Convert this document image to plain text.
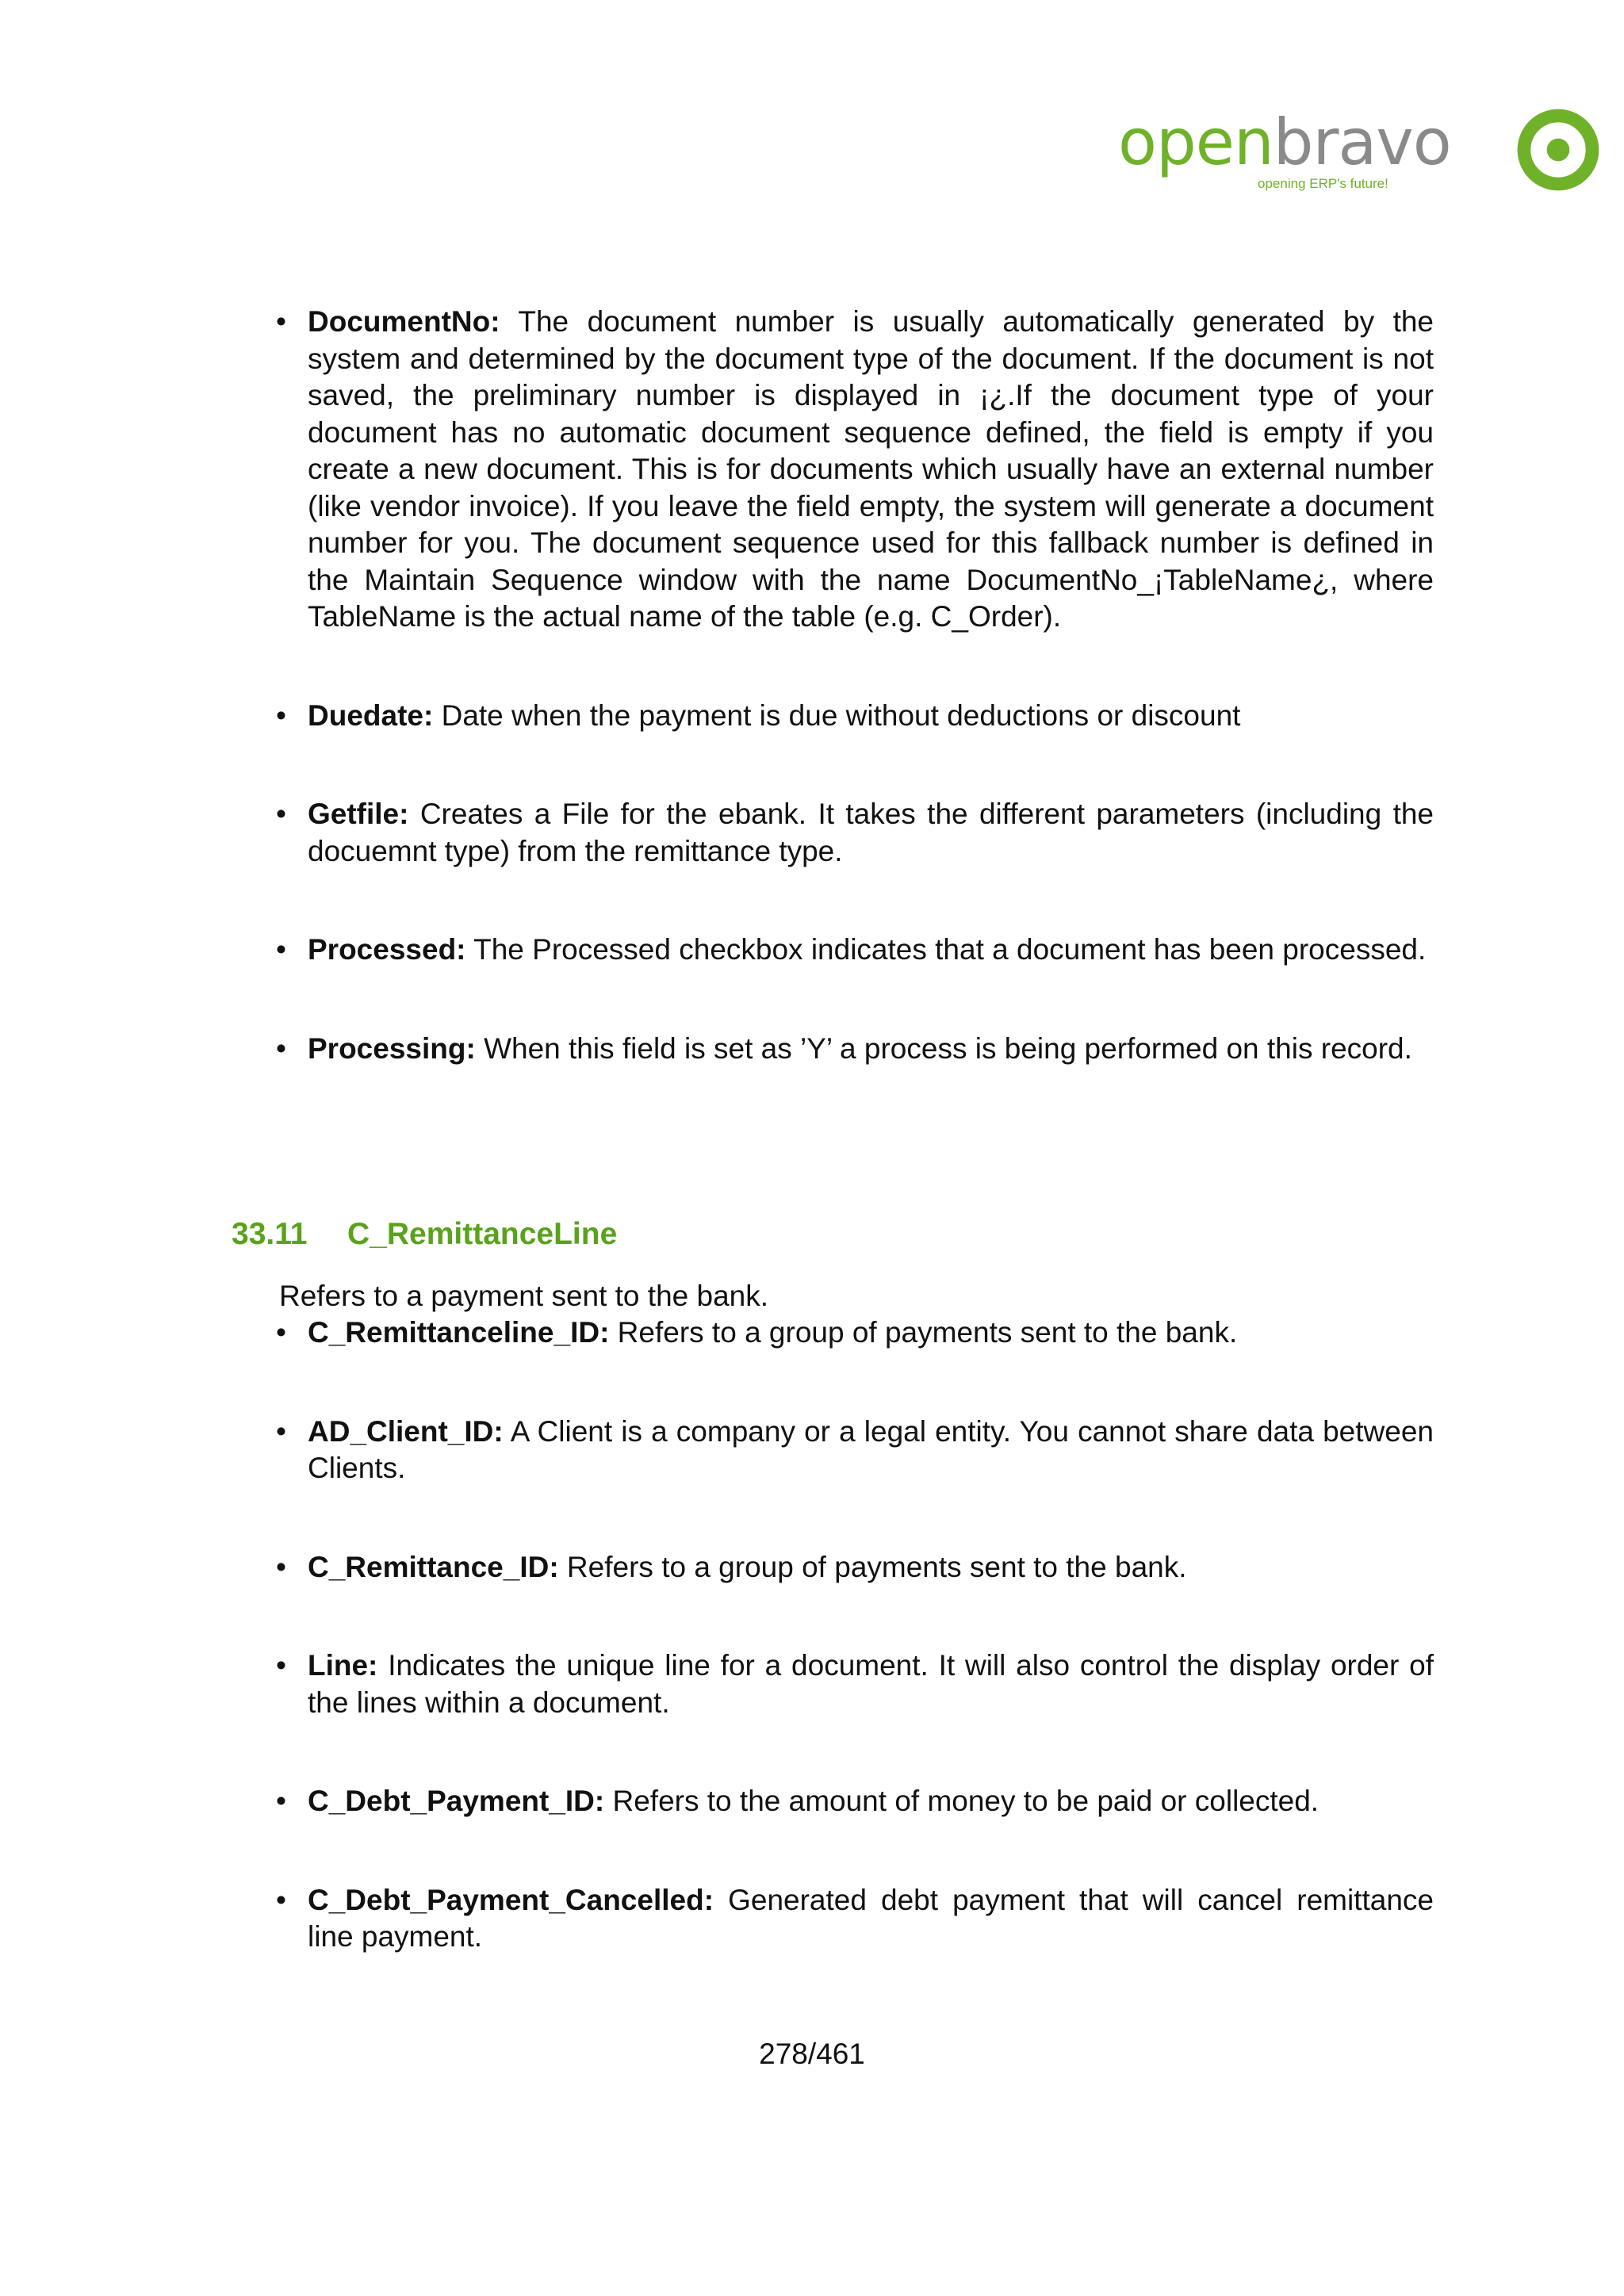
openbravo
opening ERP's future!
• DocumentNo: The document number is usually automatically generated by the system and determined by the document type of the document. If the document is not saved, the preliminary number is displayed in ¡¿.If the document type of your document has no automatic document sequence defined, the field is empty if you create a new document. This is for documents which usually have an external number (like vendor invoice). If you leave the field empty, the system will generate a document number for you. The document sequence used for this fallback number is defined in the Maintain Sequence window with the name DocumentNo_¡TableName¿, where TableName is the actual name of the table (e.g. C_Order).
• Duedate: Date when the payment is due without deductions or discount
• Getfile: Creates a File for the ebank. It takes the different parameters (including the docuemnt type) from the remittance type.
• Processed: The Processed checkbox indicates that a document has been processed.
• Processing: When this field is set as ’Y’ a process is being performed on this record.
33.11 C_RemittanceLine
Refers to a payment sent to the bank.
• C_Remittanceline_ID: Refers to a group of payments sent to the bank.
• AD_Client_ID: A Client is a company or a legal entity. You cannot share data between Clients.
• C_Remittance_ID: Refers to a group of payments sent to the bank.
• Line: Indicates the unique line for a document. It will also control the display order of the lines within a document.
• C_Debt_Payment_ID: Refers to the amount of money to be paid or collected.
• C_Debt_Payment_Cancelled: Generated debt payment that will cancel remittance line payment.
278/461
